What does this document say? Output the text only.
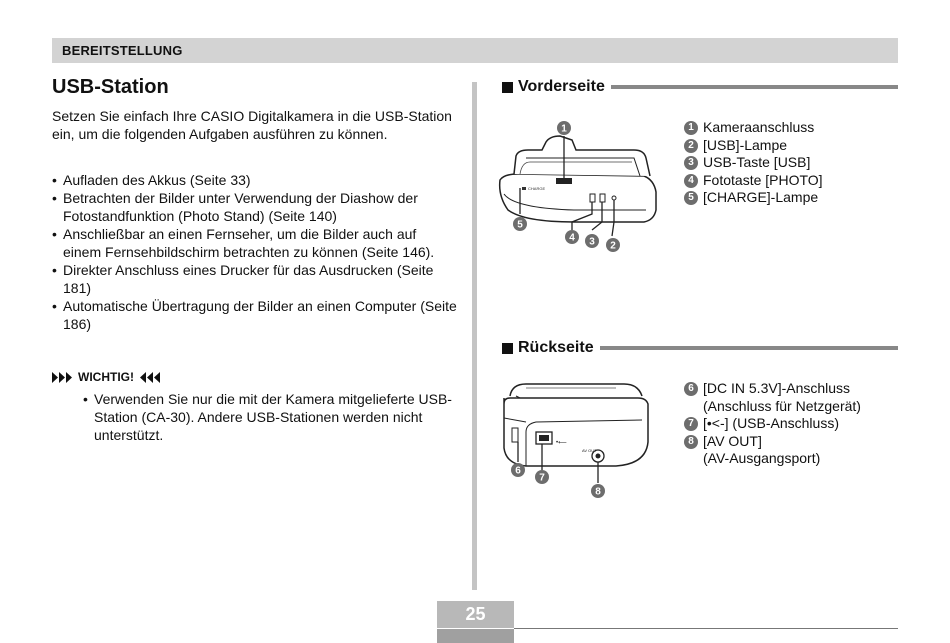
BEREITSTELLUNG
USB-Station

Setzen Sie einfach Ihre CASIO Digitalkamera in die USB-Station ein, um die folgenden Aufgaben ausführen zu können.

• Aufladen des Akkus (Seite 33)
• Betrachten der Bilder unter Verwendung der Diashow der Fotostandfunktion (Photo Stand) (Seite 140)
• Anschließbar an einen Fernseher, um die Bilder auch auf einem Fernsehbildschirm betrachten zu können (Seite 146).
• Direkter Anschluss eines Drucker für das Ausdrucken (Seite 181)
• Automatische Übertragung der Bilder an einen Computer (Seite 186)
WICHTIG!

• Verwenden Sie nur die mit der Kamera mitgelieferte USB-Station (CA-30). Andere USB-Stationen werden nicht unterstützt.

Vorderseite
CHARGE
1
5
4 3 2
1 Kameraanschluss
2 [USB]-Lampe
3 USB-Taste [USB]
4 Fototaste [PHOTO]
5 [CHARGE]-Lampe
Rückseite
•⟵
AV OUT
6
7
8
6 [DC IN 5.3V]-Anschluss
(Anschluss für Netzgerät)
7 [•<-] (USB-Anschluss)
8 [AV OUT]
(AV-Ausgangsport)
25
